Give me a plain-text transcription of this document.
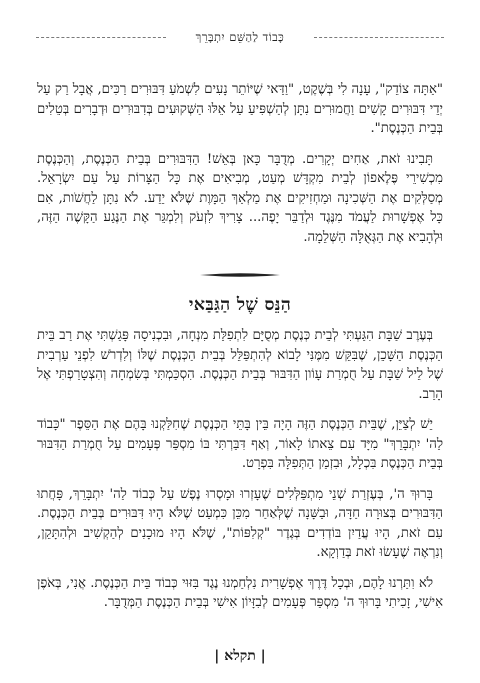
כָּבוֹד לַהַשֵּׁם יִתְבָּרֵךְ

"אַתָּה צוֹדֵק", עָנָה לִי בְּשֶׁקֶט, "וַדַּאי שֶׁיּוֹתֵר נָעִים לִשְׁמֹעַ דִּבּוּרִים רַכִּים, אֲבָל רַק עַל יְדֵי דִּבּוּרִים קָשִׁים וַחֲמוּרִים נִתָּן לְהַשְׁפִּיעַ עַל אֵלּוּ הַשְּׁקוּעִים בְּדִבּוּרִים וּדְבָרִים בְּטֵלִים בְּבֵית הַכְּנֶסֶת".

תָּבִינוּ זֹאת, אַחִים יְקָרִים. מְדֻבָּר כָּאן בְּאֵשׁ! הַדִּבּוּרִים בְּבֵית הַכְּנֶסֶת, וְהַכְּנֶסֶת מִכְשִׁירֵי פֶּלֶאפוֹן לְבֵית מִקְדָּשׁ מְעַט, מְבִיאִים אֶת כָּל הַצָּרוֹת עַל עַם יִשְׂרָאֵל. מְסַלְּקִים אֶת הַשְּׁכִינָה וּמַחְזִיקִים אֶת מַלְאַךְ הַמָּוֶת שֶׁלֹּא יֵדַע. לֹא נִתָּן לַחֲשֹׁות, אִם כָּל אֶפְשָׁרוּת לַעֲמֹד מִנֶּגֶד וּלְדַבֵּר יָפֶה... צָרִיךְ לִזְעֹק וְלִמְגֵּר אֶת הַנֶּגַע הַקָּשֶׁה הַזֶּה, וּלְהָבִיא אֶת הַגְּאֻלָּה הַשְּׁלֵמָה.

הַנֵּס שֶׁל הַגַּבַּאי

בְּעֶרֶב שַׁבָּת הִגַּעְתִּי לְבֵית כְּנֶסֶת מְסֻיָּם לִתְפִלַּת מִנְחָה, וּבִכְנִיסָה פָּגַשְׁתִּי אֶת רַב בֵּית הַכְּנֶסֶת הַשָּׁכֵן, שֶׁבִּקֵּשׁ מִמֶּנִּי לָבוֹא לְהִתְפַּלֵּל בְּבֵית הַכְּנֶסֶת שֶׁלּוֹ וְלִדְרֹשׁ לִפְנֵי עַרְבִית שֶׁל לֵיל שַׁבָּת עַל חֻמְרַת עָוֹון הַדִּבּוּר בְּבֵית הַכְּנֶסֶת. הִסְכַּמְתִּי בְּשִׂמְחָה וְהִצְטָרַפְתִּי אֶל הָרַב.

יֵשׁ לְצַיֵּן, שֶׁבֵּית הַכְּנֶסֶת הַזֶּה הָיָה בֵּין בָּתֵּי הַכְּנֶסֶת שֶׁחִלַּקְנוּ בָּהֶם אֶת הַסֵּפֶר "כָּבוֹד לַה' יִתְבָּרֵךְ" מִיָּד עִם צֵאתוֹ לָאוֹר, וְאַף דִּבַּרְתִּי בּוֹ מִסְפַּר פְּעָמִים עַל חֻמְרַת הַדִּבּוּר בְּבֵית הַכְּנֶסֶת בִּכְלָל, וּבִזְמַן הַתְּפִלָּה בִּפְרָט.

בָּרוּךְ ה', בְּעֶזְרַת שְׁנֵי מִתְפַּלְּלִים שֶׁעָזְרוּ וּמָסְרוּ נֶפֶשׁ עַל כְּבוֹד לַה' יִתְבָּרֵךְ, פָּחֲתוּ הַדִּבּוּרִים בְּצוּרָה חַדָּה, וּבַשָּׁנָה שֶׁלְּאַחַר מִכֵּן כִּמְעַט שֶׁלֹּא הָיוּ דִּבּוּרִים בְּבֵית הַכְּנֶסֶת. עִם זֹאת, הָיוּ עֲדַיִן בּוֹדְדִים בְּגֶדֶר "קְלִפּוֹת", שֶׁלֹּא הָיוּ מוּכָנִים לְהַקְשִׁיב וּלְהִתָּקֵן, וְנִרְאֶה שֶׁעָשׂוּ זֹאת בְּדַוְקָא.

לֹא וִתַּרְנוּ לָהֶם, וּבְכָל דֶּרֶךְ אֶפְשָׁרִית נִלְחַמְנוּ נֶגֶד בִּזּוּי כְּבוֹד בֵּית הַכְּנֶסֶת. אֲנִי, בְּאֹפֶן אִישִׁי, זָכִיתִי בָּרוּךְ ה' מִסְפַּר פְּעָמִים לְבִזָּיוֹן אִישִׁי בְּבֵית הַכְּנֶסֶת הַמְּדֻבָּר.

| תקלא |
